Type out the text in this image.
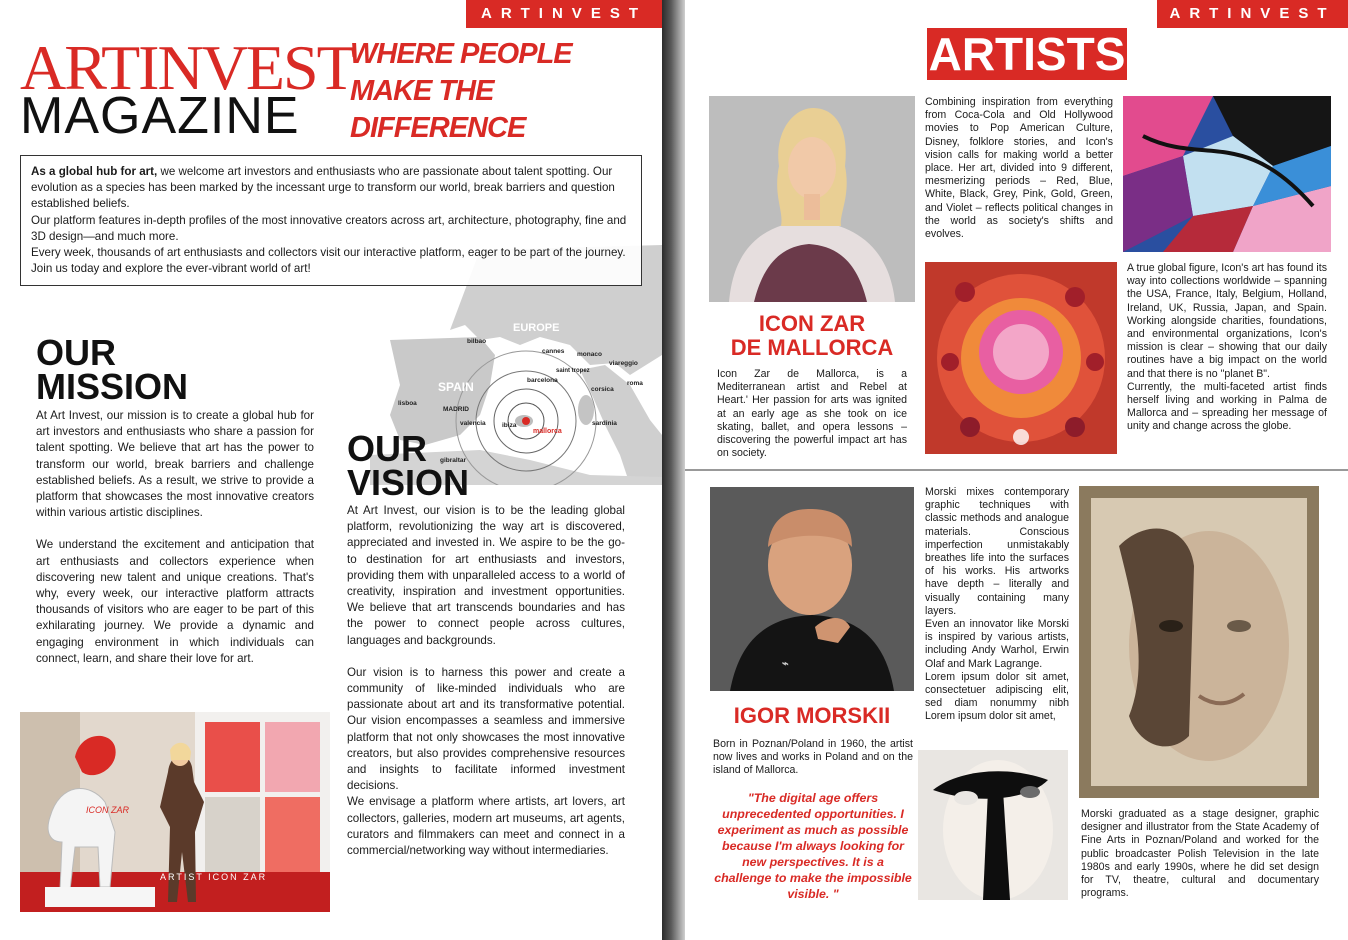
ARTINVEST
ARTINVEST
MAGAZINE
WHERE PEOPLE
MAKE THE
DIFFERENCE
EUROPE
SPAIN
bilbao
cannes monaco
viareggio
saint tropez
barcelona
corsica
roma
lisboa
MADRID
valencia	ibiza
mallorca
sardinia
gibraltar

As a global hub for art, we welcome art investors and enthusiasts who are passionate about talent spotting. Our evolution as a species has been marked by the incessant urge to transform our world, break barriers and question established beliefs.

Our platform features in-depth profiles of the most innovative creators across art, architecture, photography, fine and 3D design—and much more.

Every week, thousands of art enthusiasts and collectors visit our interactive platform, eager to be part of the journey.

Join us today and explore the ever-vibrant world of art!

OUR
MISSION
At Art Invest, our mission is to create a global hub for art investors and enthusiasts who share a passion for talent spotting. We believe that art has the power to transform our world, break barriers and challenge established beliefs. As a result, we strive to provide a platform that showcases the most innovative creators within various artistic disciplines.
We understand the excitement and anticipation that art enthusiasts and collectors experience when discovering new talent and unique creations. That's why, every week, our interactive platform attracts thousands of visitors who are eager to be part of this exhilarating journey. We provide a dynamic and engaging environment in which individuals can connect, learn, and share their love for art.
OUR
VISION
At Art Invest, our vision is to be the leading global platform, revolutionizing the way art is discovered, appreciated and invested in. We aspire to be the go-to destination for art enthusiasts and investors, providing them with unparalleled access to a world of creativity, inspiration and investment opportunities. We believe that art transcends boundaries and has the power to connect people across cultures, languages and backgrounds.
Our vision is to harness this power and create a community of like-minded individuals who are passionate about art and its transformative potential. Our vision encompasses a seamless and immersive platform that not only showcases the most innovative creators, but also provides comprehensive resources and insights to facilitate informed investment decisions.
We envisage a platform where artists, art lovers, art collectors, galleries, modern art museums, art agents, curators and filmmakers can meet and connect in a commercial/networking way without intermediaries.
ICON ZAR
ARTIST ICON ZAR
ARTINVEST
ARTISTS
ICON ZAR
DE MALLORCA
Icon Zar de Mallorca, is a Mediterranean artist and Rebel at Heart.' Her passion for arts was ignited at an early age as she took on ice skating, ballet, and opera lessons – discovering the powerful impact art has on society.
Combining inspiration from everything from Coca-Cola and Old Hollywood movies to Pop American Culture, Disney, folklore stories, and Icon's vision calls for making world a better place. Her art, divided into 9 different, mesmerizing periods – Red, Blue, White, Black, Grey, Pink, Gold, Green, and Violet – reflects political changes in the world as society's shifts and evolves.
A true global figure, Icon's art has found its way into collections worldwide – spanning the USA, France, Italy, Belgium, Holland, Ireland, UK, Russia, Japan, and Spain. Working alongside charities, foundations, and environmental organizations, Icon's mission is clear – showing that our daily routines have a big impact on the world and that there is no "planet B".
Currently, the multi-faceted artist finds herself living and working in Palma de Mallorca and – spreading her message of unity and change across the globe.
⌁
IGOR MORSKII
Born in Poznan/Poland in 1960, the artist now lives and works in Poland and on the island of Mallorca.
"The digital age offers unprecedented opportunities. I experiment as much as possible because I'm always looking for new perspectives. It is a challenge to make the impossible visible. "
Morski mixes contemporary graphic techniques with classic methods and analogue materials. Conscious imperfection unmistakably breathes life into the surfaces of his works. His artworks have depth – literally and visually containing many layers.
Even an innovator like Morski is inspired by various artists, including Andy Warhol, Erwin Olaf and Mark Lagrange.
Lorem ipsum dolor sit amet, consectetuer adipiscing elit, sed diam nonummy nibh Lorem ipsum dolor sit amet,
Morski graduated as a stage designer, graphic designer and illustrator from the State Academy of Fine Arts in Poznan/Poland and worked for the public broadcaster Polish Television in the late 1980s and early 1990s, where he did set design for TV, theatre, cultural and documentary programs.
